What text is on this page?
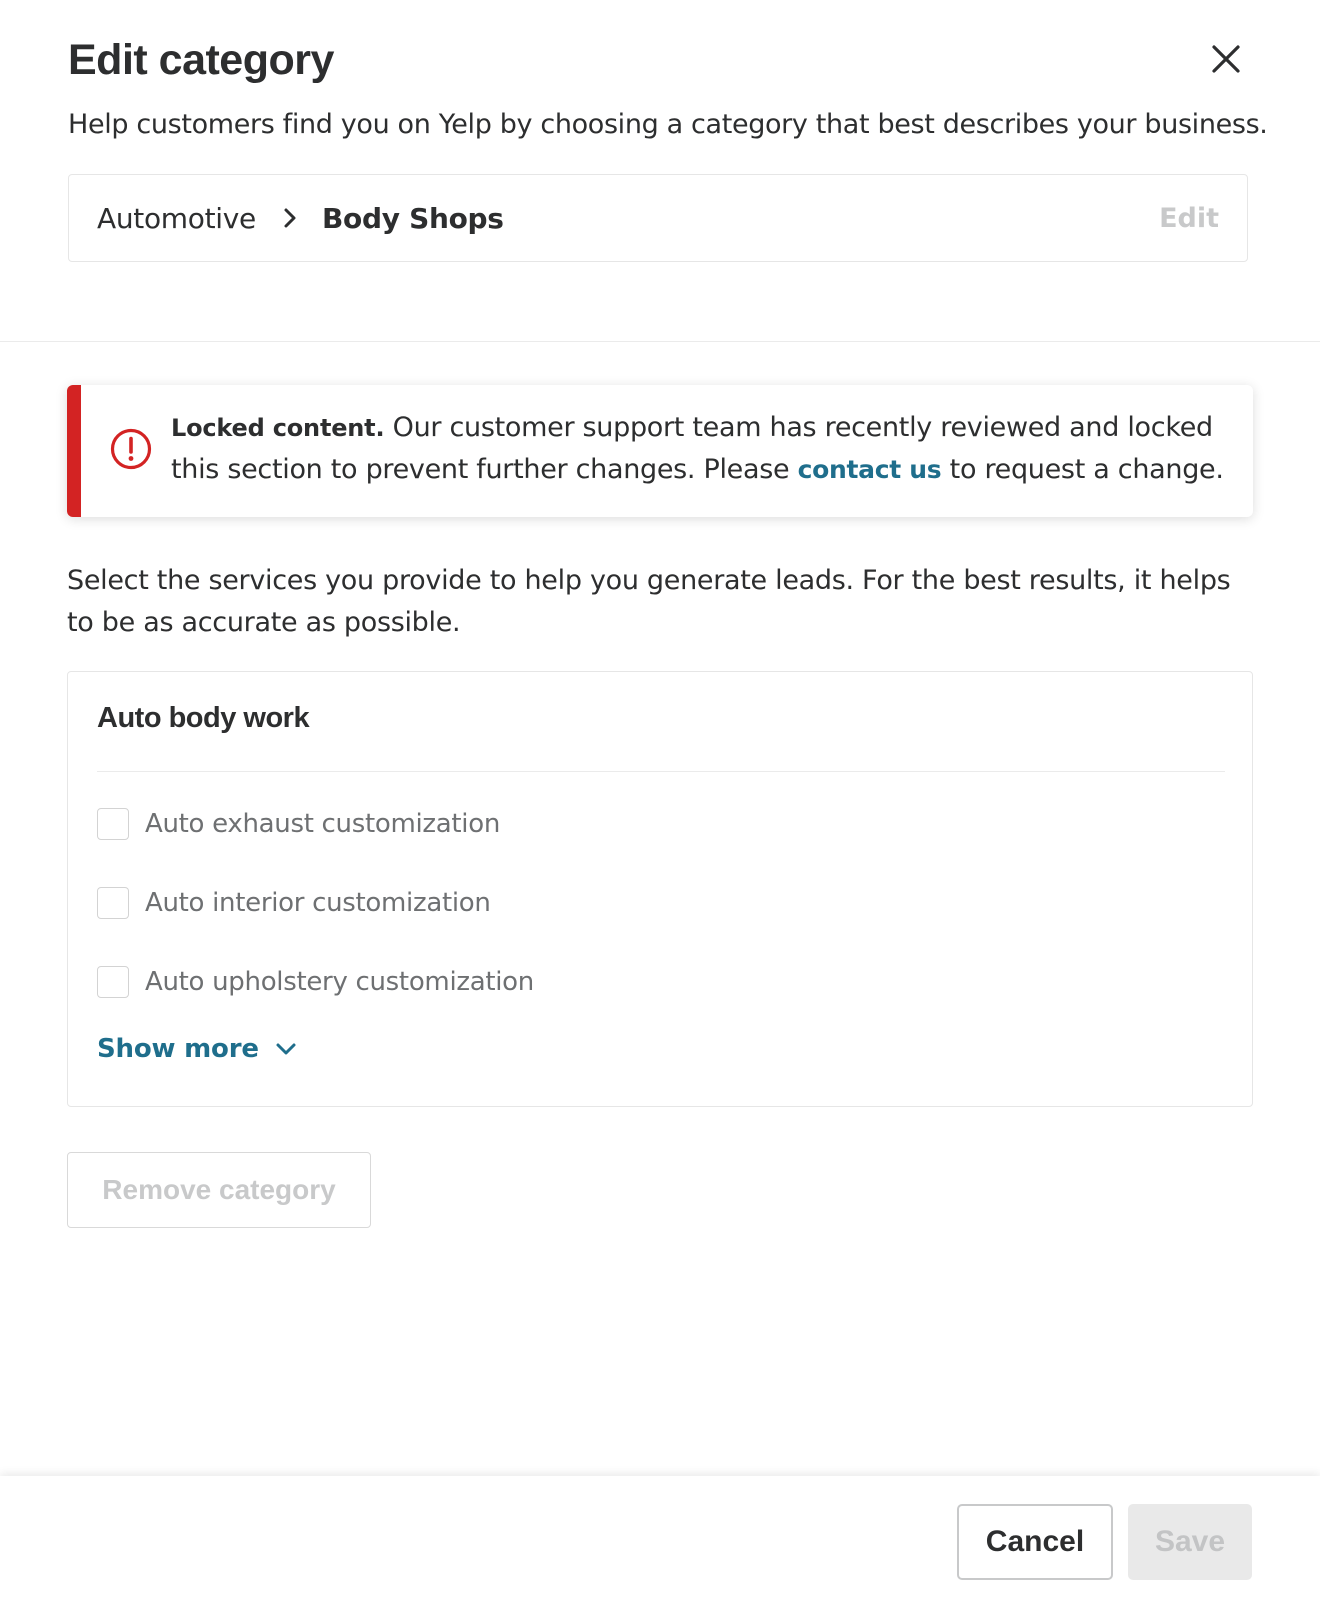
Edit category
Help customers find you on Yelp by choosing a category that best describes your business.
Automotive Body Shops	Edit
Locked content. Our customer support team has recently reviewed and locked this section to prevent further changes. Please contact us to request a change.
Select the services you provide to help you generate leads. For the best results, it helps to be as accurate as possible.
Auto body work
Auto exhaust customization
Auto interior customization
Auto upholstery customization
Show more
Remove category
Cancel	Save
